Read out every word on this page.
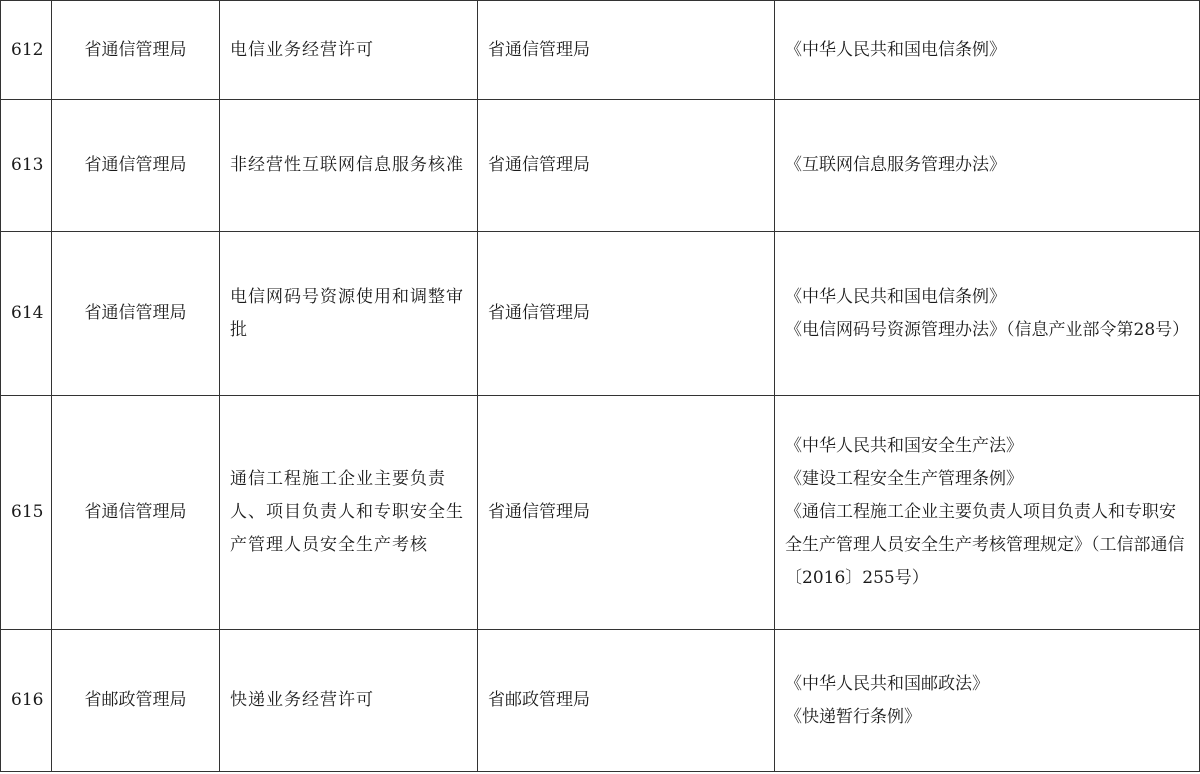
612	省通信管理局	电信业务经营许可	省通信管理局	《中华人民共和国电信条例》

613	省通信管理局	非经营性互联网信息服务核准	省通信管理局	《互联网信息服务管理办法》

614	省通信管理局	电信网码号资源使用和调整审批	省通信管理局	《中华人民共和国电信条例》
《电信网码号资源管理办法》（信息产业部令第28号）

615	省通信管理局	通信工程施工企业主要负责人、项目负责人和专职安全生产管理人员安全生产考核	省通信管理局	《中华人民共和国安全生产法》
《建设工程安全生产管理条例》
《通信工程施工企业主要负责人项目负责人和专职安全生产管理人员安全生产考核管理规定》（工信部通信〔2016〕255号）

616	省邮政管理局	快递业务经营许可	省邮政管理局	《中华人民共和国邮政法》
《快递暂行条例》
